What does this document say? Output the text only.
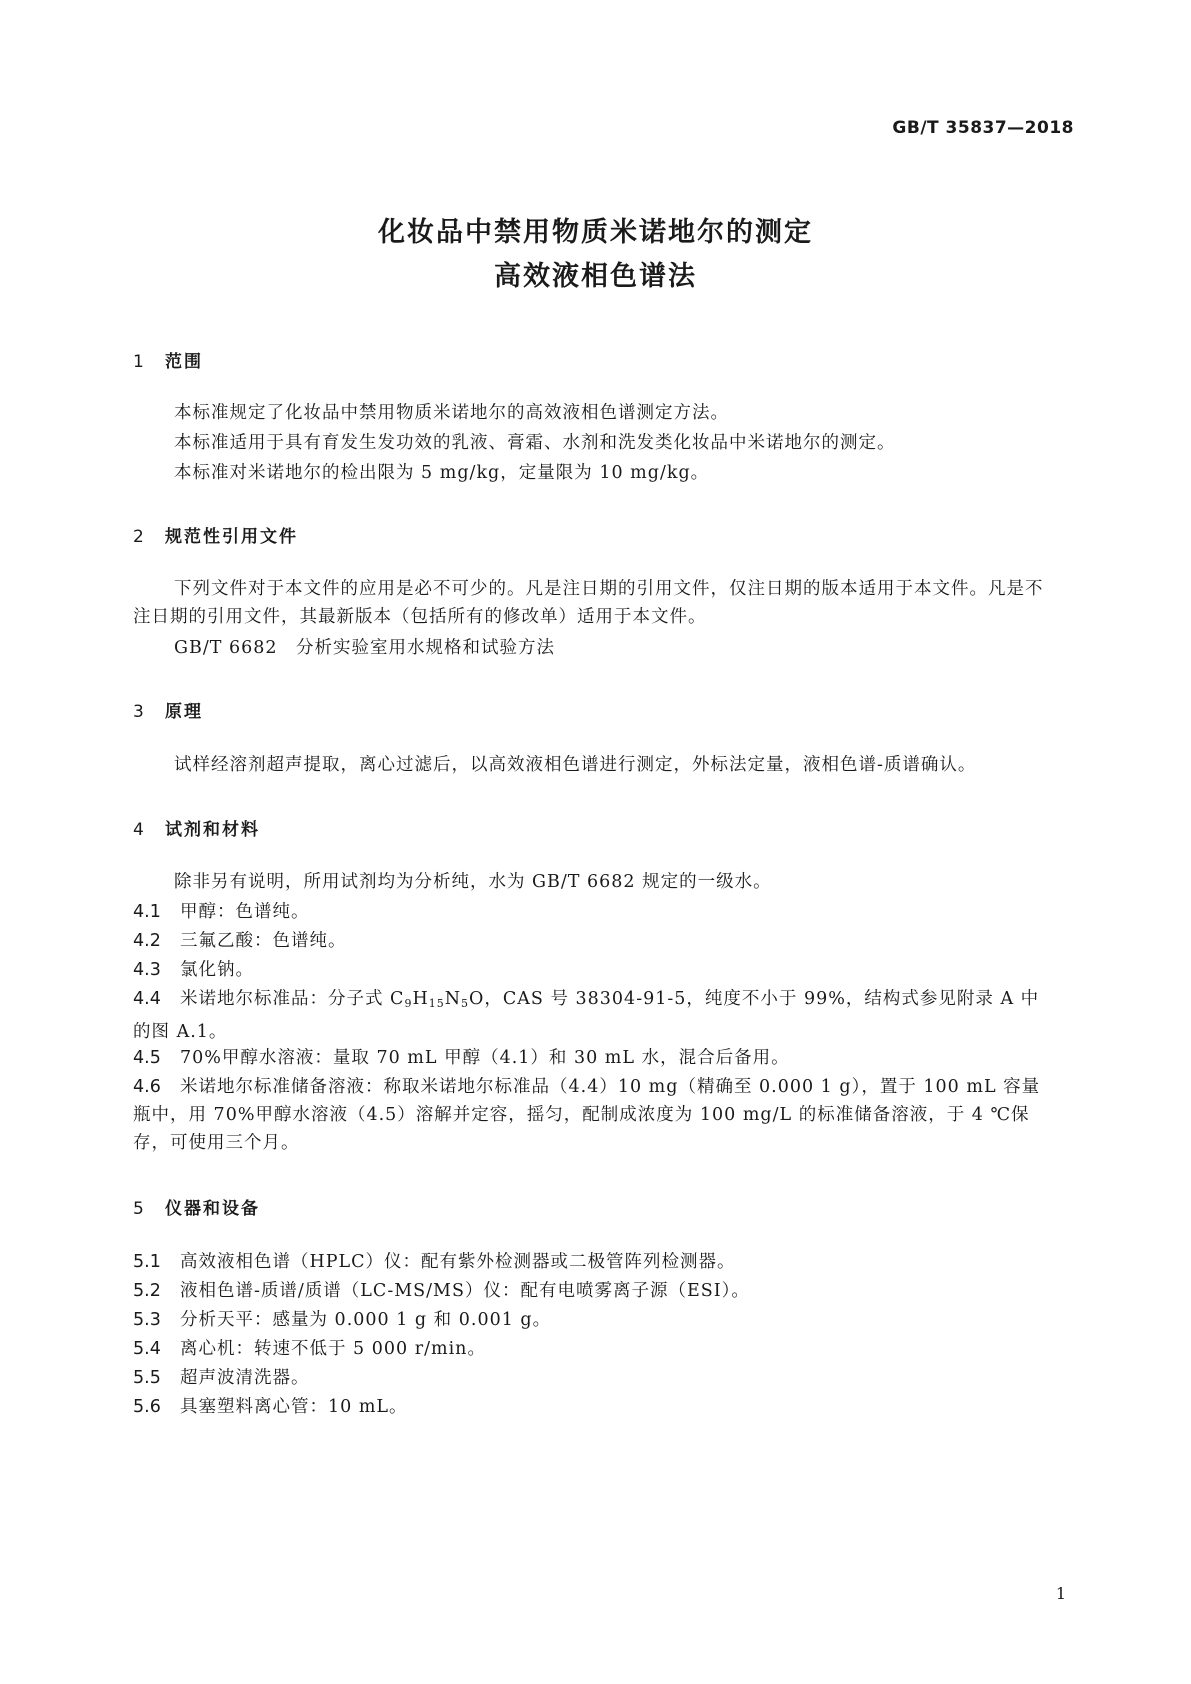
GB/T 35837—2018
化妆品中禁用物质米诺地尔的测定
高效液相色谱法
1 范围
本标准规定了化妆品中禁用物质米诺地尔的高效液相色谱测定方法。
本标准适用于具有育发生发功效的乳液、膏霜、水剂和洗发类化妆品中米诺地尔的测定。
本标准对米诺地尔的检出限为 5 mg/kg，定量限为 10 mg/kg。
2 规范性引用文件
下列文件对于本文件的应用是必不可少的。凡是注日期的引用文件，仅注日期的版本适用于本文件。凡是不注日期的引用文件，其最新版本（包括所有的修改单）适用于本文件。
GB/T 6682　分析实验室用水规格和试验方法
3 原理
试样经溶剂超声提取，离心过滤后，以高效液相色谱进行测定，外标法定量，液相色谱-质谱确认。
4 试剂和材料
除非另有说明，所用试剂均为分析纯，水为 GB/T 6682 规定的一级水。
4.1 甲醇：色谱纯。
4.2 三氟乙酸：色谱纯。
4.3 氯化钠。
4.4 米诺地尔标准品：分子式 $C_9H_{15}N_5O$，CAS 号 38304-91-5，纯度不小于 99%，结构式参见附录 A 中的图 A.1。
4.5 70%甲醇水溶液：量取 70 mL 甲醇（4.1）和 30 mL 水，混合后备用。
4.6 米诺地尔标准储备溶液：称取米诺地尔标准品（4.4）10 mg（精确至 0.000 1 g），置于 100 mL 容量瓶中，用 70%甲醇水溶液（4.5）溶解并定容，摇匀，配制成浓度为 100 mg/L 的标准储备溶液，于 4 ℃保存，可使用三个月。
5 仪器和设备
5.1 高效液相色谱（HPLC）仪：配有紫外检测器或二极管阵列检测器。
5.2 液相色谱-质谱/质谱（LC-MS/MS）仪：配有电喷雾离子源（ESI）。
5.3 分析天平：感量为 0.000 1 g 和 0.001 g。
5.4 离心机：转速不低于 5 000 r/min。
5.5 超声波清洗器。
5.6 具塞塑料离心管：10 mL。
1
